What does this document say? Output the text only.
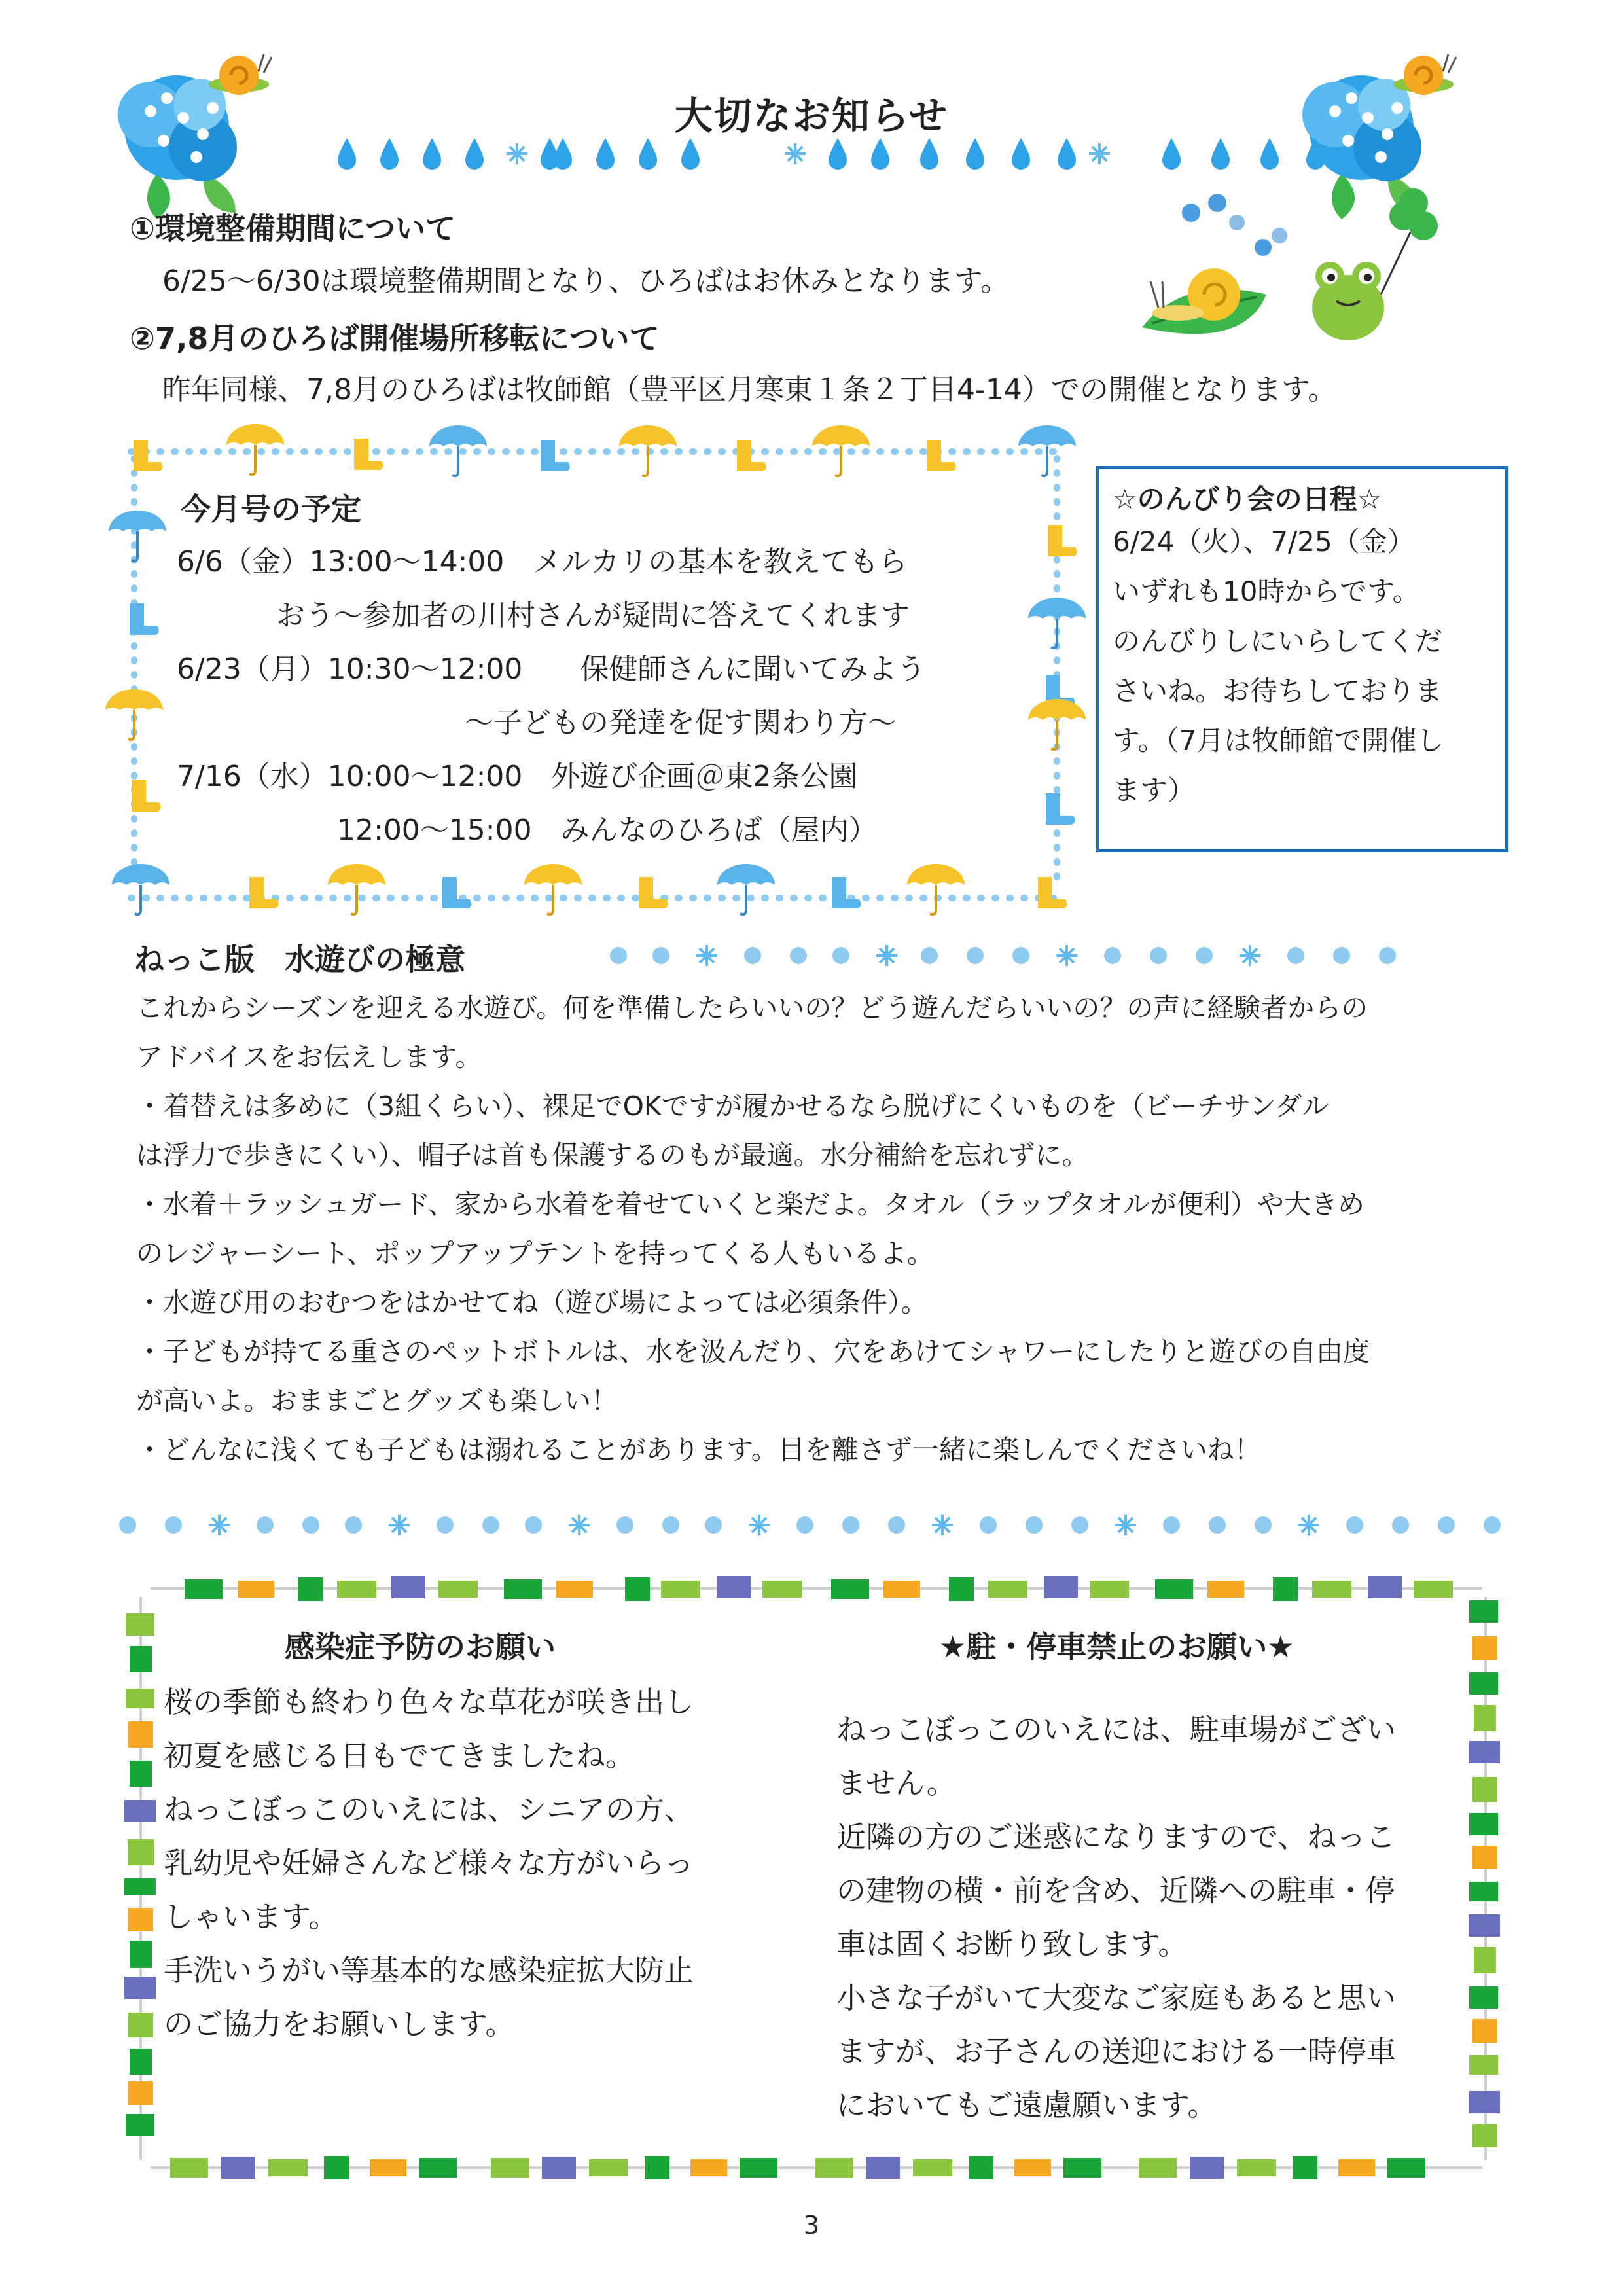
大切なお知らせ
①環境整備期間について
6/25〜6/30は環境整備期間となり、ひろばはお休みとなります。
②7,8月のひろば開催場所移転について
昨年同様、7,8月のひろばは牧師館（豊平区月寒東１条２丁目4-14）での開催となります。
今月号の予定
6/6（金）13:00〜14:00　メルカリの基本を教えてもら
おう〜参加者の川村さんが疑問に答えてくれます
6/23（月）10:30〜12:00　　保健師さんに聞いてみよう
〜子どもの発達を促す関わり方〜
7/16（水）10:00〜12:00　外遊び企画＠東2条公園
12:00〜15:00　みんなのひろば（屋内）
☆のんびり会の日程☆
6/24（火）、7/25（金）
いずれも10時からです。
のんびりしにいらしてくだ
さいね。お待ちしておりま
す。（7月は牧師館で開催し
ます）
ねっこ版　水遊びの極意
これからシーズンを迎える水遊び。何を準備したらいいの？どう遊んだらいいの？の声に経験者からの
アドバイスをお伝えします。
・着替えは多めに（3組くらい）、裸足でOKですが履かせるなら脱げにくいものを（ビーチサンダル
は浮力で歩きにくい）、帽子は首も保護するのもが最適。水分補給を忘れずに。
・水着＋ラッシュガード、家から水着を着せていくと楽だよ。タオル（ラップタオルが便利）や大きめ
のレジャーシート、ポップアップテントを持ってくる人もいるよ。
・水遊び用のおむつをはかせてね（遊び場によっては必須条件）。
・子どもが持てる重さのペットボトルは、水を汲んだり、穴をあけてシャワーにしたりと遊びの自由度
が高いよ。おままごとグッズも楽しい！
・どんなに浅くても子どもは溺れることがあります。目を離さず一緒に楽しんでくださいね！
感染症予防のお願い
桜の季節も終わり色々な草花が咲き出し
初夏を感じる日もでてきましたね。
ねっこぼっこのいえには、シニアの方、
乳幼児や妊婦さんなど様々な方がいらっ
しゃいます。
手洗いうがい等基本的な感染症拡大防止
のご協力をお願いします。
★駐・停車禁止のお願い★
ねっこぼっこのいえには、駐車場がござい
ません。
近隣の方のご迷惑になりますので、ねっこ
の建物の横・前を含め、近隣への駐車・停
車は固くお断り致します。
小さな子がいて大変なご家庭もあると思い
ますが、お子さんの送迎における一時停車
においてもご遠慮願います。
3
